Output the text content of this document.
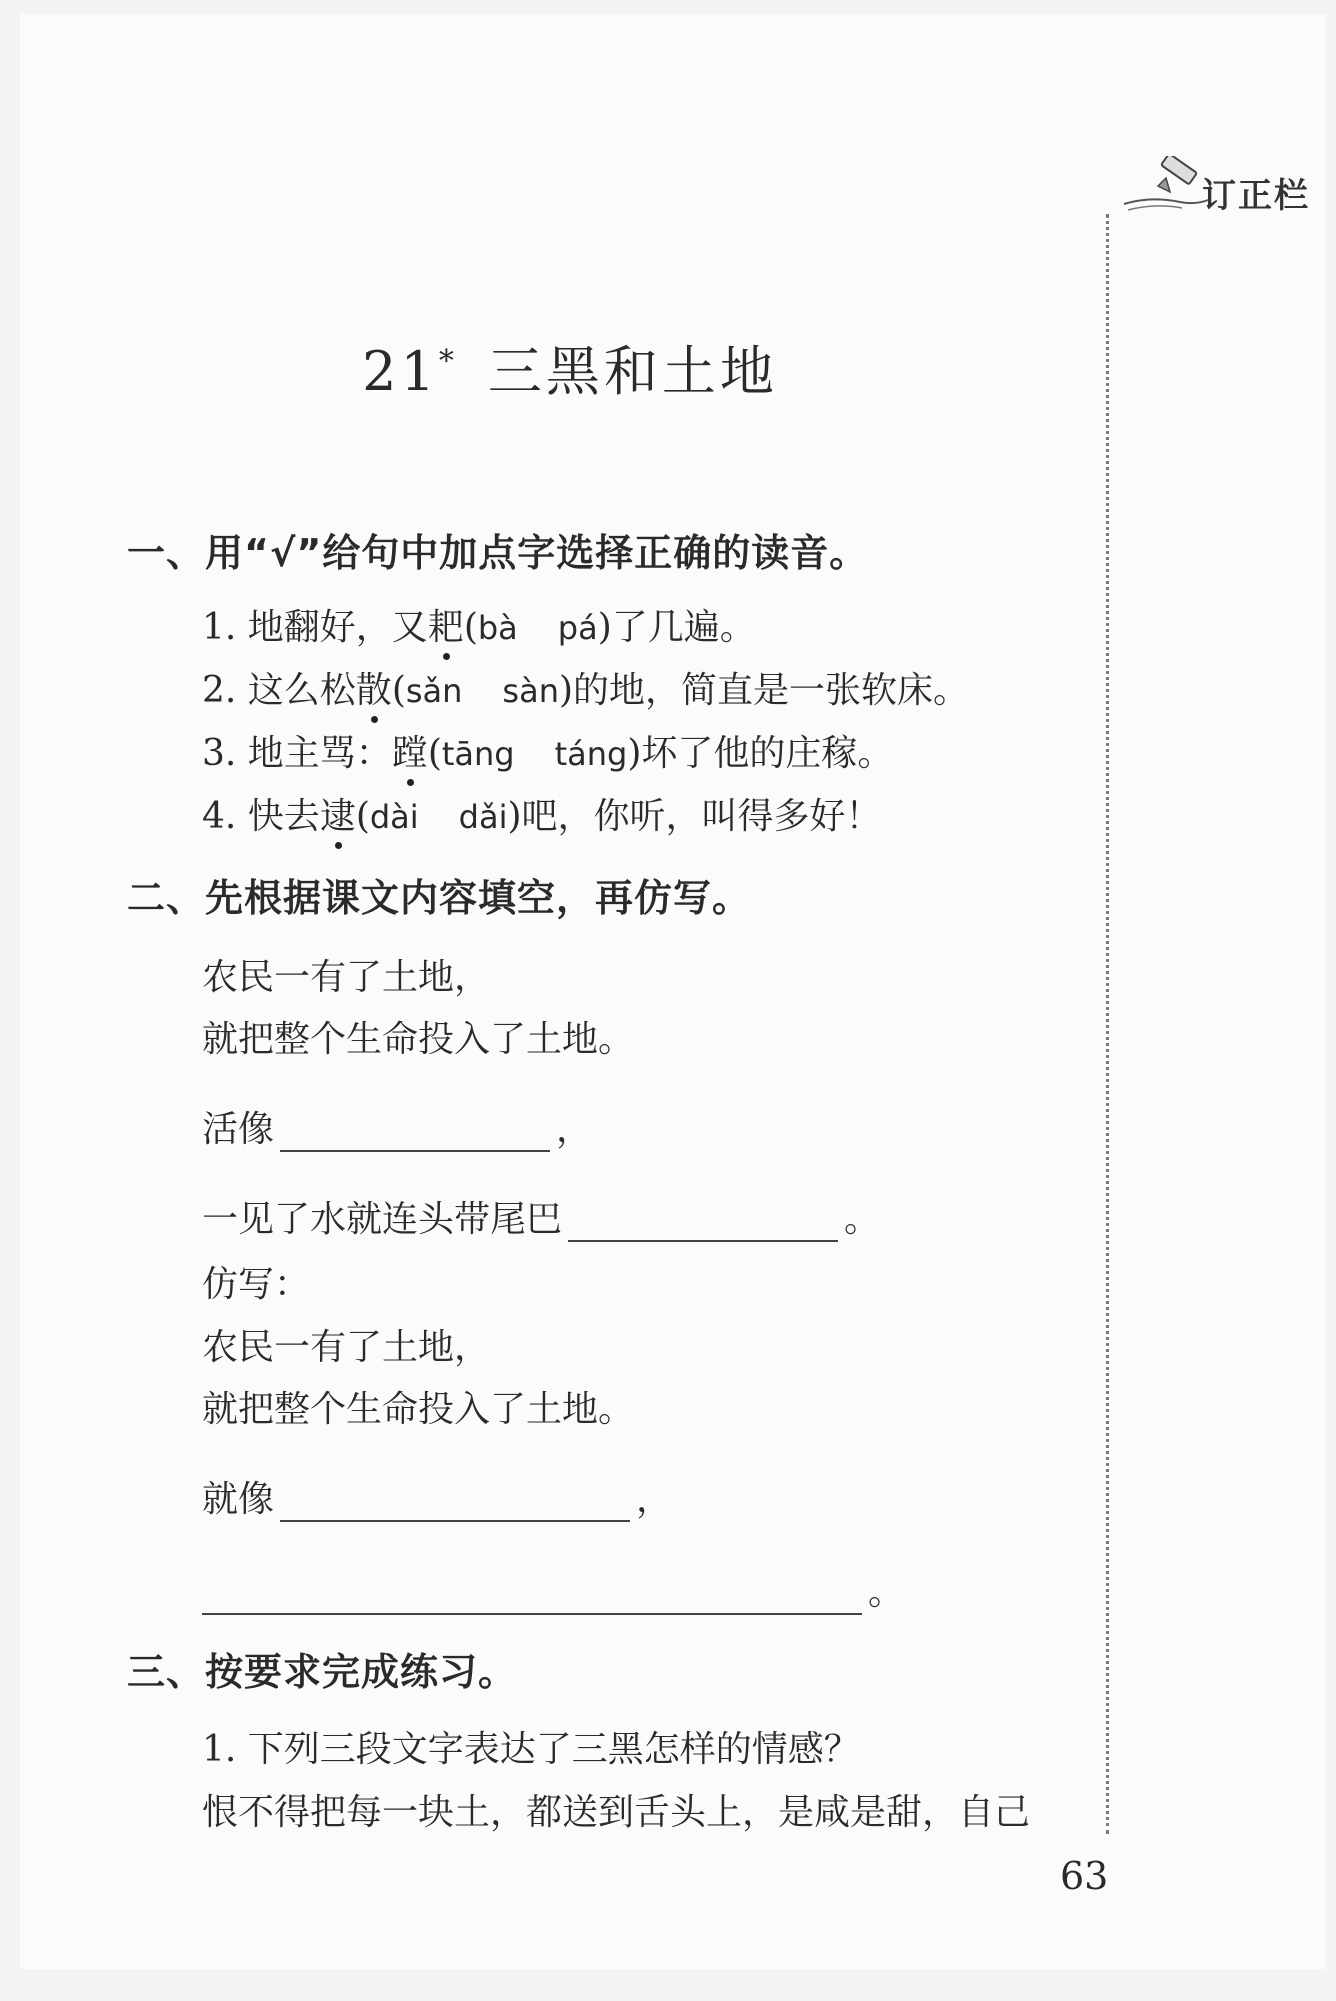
订正栏
21* 三黑和土地
一、用“√”给句中加点字选择正确的读音。
1. 地翻好，又耙(bà pá)了几遍。
2. 这么松散(sǎn sàn)的地，简直是一张软床。
3. 地主骂：蹚(tāng táng)坏了他的庄稼。
4. 快去逮(dài dǎi)吧，你听，叫得多好！
二、先根据课文内容填空，再仿写。
农民一有了土地，
就把整个生命投入了土地。
活像	，
一见了水就连头带尾巴	。
仿写：
农民一有了土地，
就把整个生命投入了土地。
就像	，
。
三、按要求完成练习。
1. 下列三段文字表达了三黑怎样的情感？
恨不得把每一块土，都送到舌头上，是咸是甜，自己
63
